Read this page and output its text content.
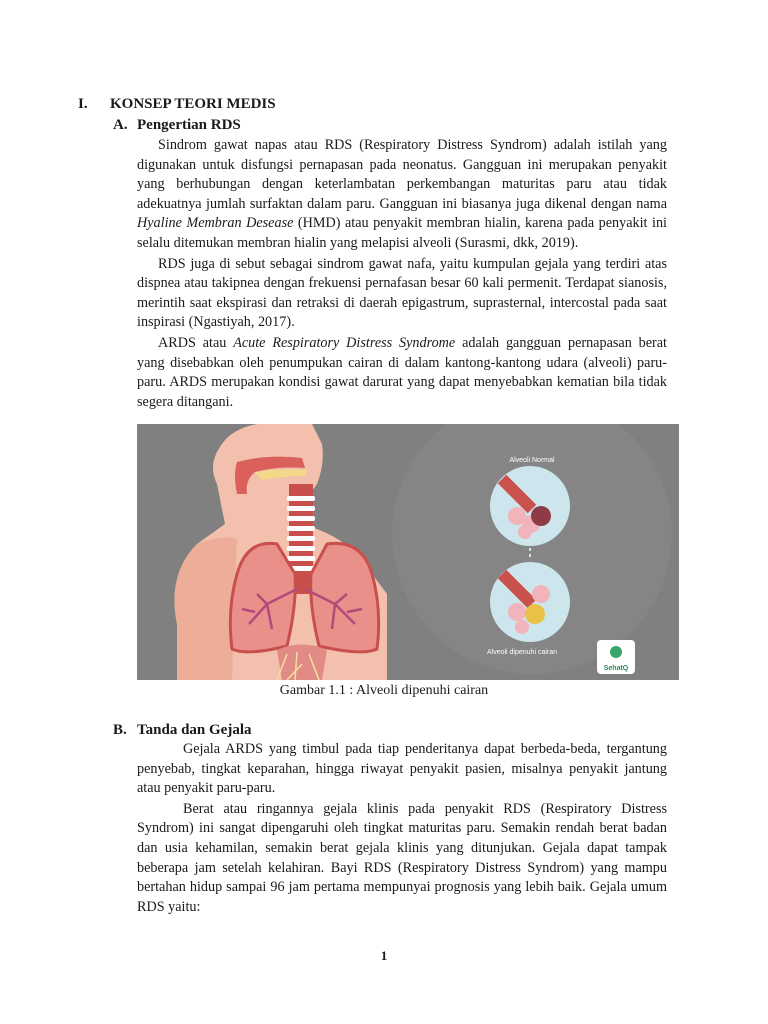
I.	KONSEP TEORI MEDIS
A. Pengertian RDS

Sindrom gawat napas atau RDS (Respiratory Distress Syndrom) adalah istilah yang digunakan untuk disfungsi pernapasan pada neonatus. Gangguan ini merupakan penyakit yang berhubungan dengan keterlambatan perkembangan maturitas paru atau tidak adekuatnya jumlah surfaktan dalam paru. Gangguan ini biasanya juga dikenal dengan nama Hyaline Membran Desease (HMD) atau penyakit membran hialin, karena pada penyakit ini selalu ditemukan membran hialin yang melapisi alveoli (Surasmi, dkk, 2019).

RDS juga di sebut sebagai sindrom gawat nafa, yaitu kumpulan gejala yang terdiri atas dispnea atau takipnea dengan frekuensi pernafasan besar 60 kali permenit. Terdapat sianosis, merintih saat ekspirasi dan retraksi di daerah epigastrum, suprasternal, intercostal pada saat inspirasi (Ngastiyah, 2017).

ARDS atau Acute Respiratory Distress Syndrome adalah gangguan pernapasan berat yang disebabkan oleh penumpukan cairan di dalam kantong-kantong udara (alveoli) paru-paru. ARDS merupakan kondisi gawat darurat yang dapat menyebabkan kematian bila tidak segera ditangani.

Alveoli Normal
Alveoli dipenuhi cairan
SehatQ
Gambar 1.1 : Alveoli dipenuhi cairan
B. Tanda dan Gejala

Gejala ARDS yang timbul pada tiap penderitanya dapat berbeda-beda, tergantung penyebab, tingkat keparahan, hingga riwayat penyakit pasien, misalnya penyakit jantung atau penyakit paru-paru.

Berat atau ringannya gejala klinis pada penyakit RDS (Respiratory Distress Syndrom) ini sangat dipengaruhi oleh tingkat maturitas paru. Semakin rendah berat badan dan usia kehamilan, semakin berat gejala klinis yang ditunjukan. Gejala dapat tampak beberapa jam setelah kelahiran. Bayi RDS (Respiratory Distress Syndrom) yang mampu bertahan hidup sampai 96 jam pertama mempunyai prognosis yang lebih baik. Gejala umum RDS yaitu:

1
